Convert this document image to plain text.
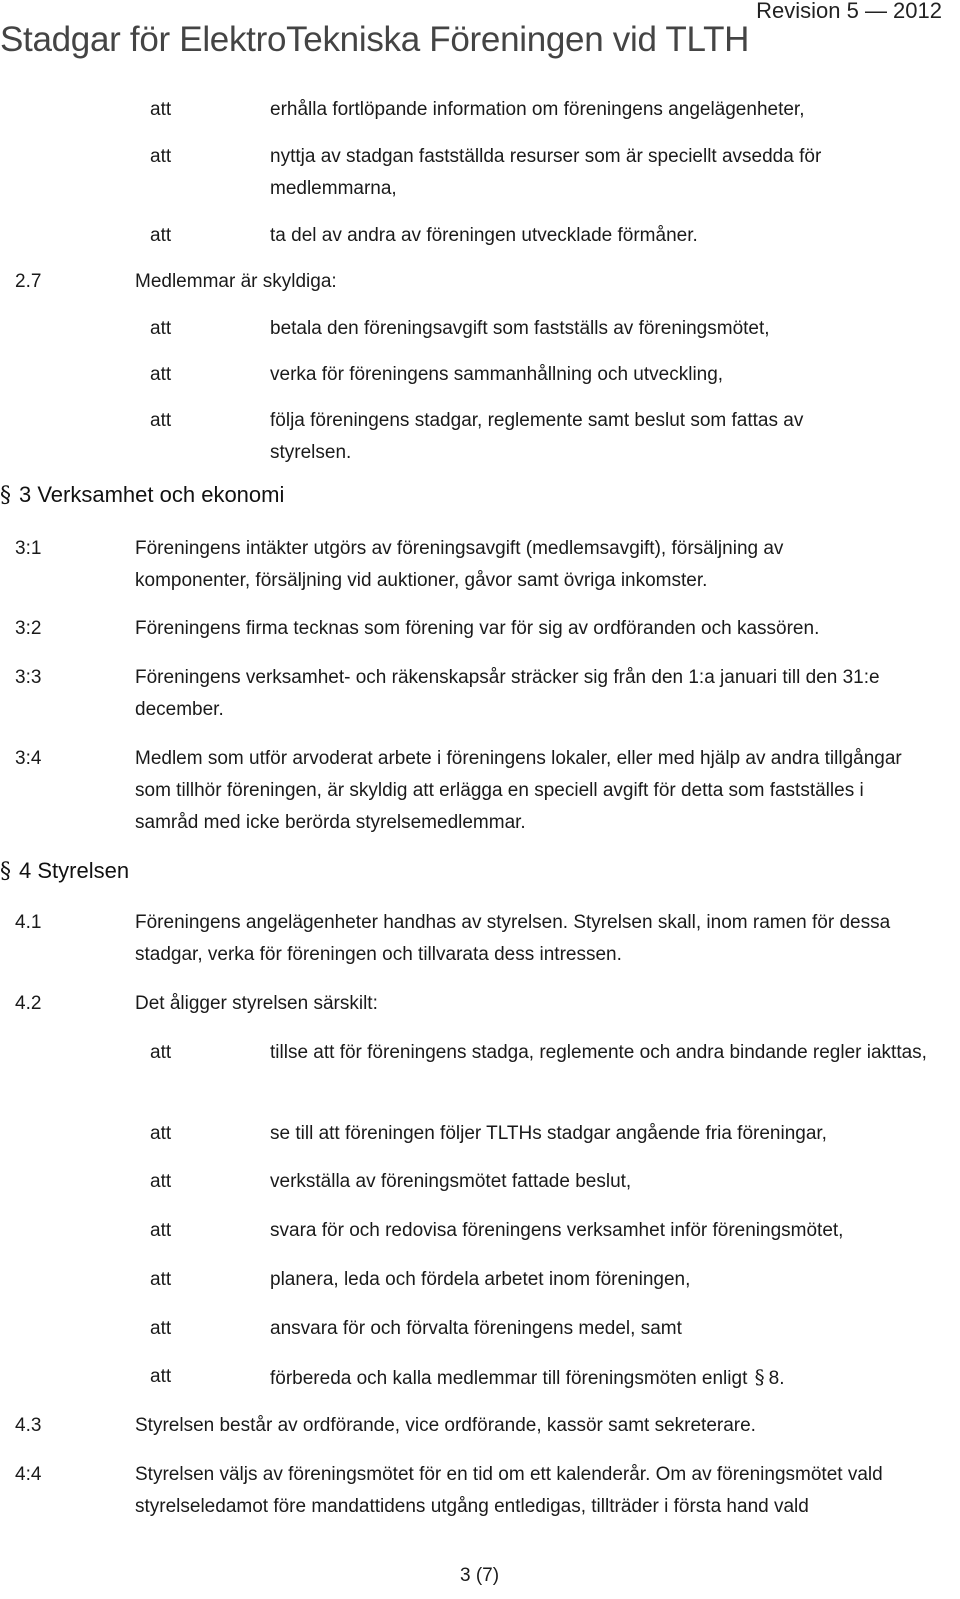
Stadgar för ElektroTekniska Föreningen vid TLTH
Revision 5 — 2012
att	erhålla fortlöpande information om föreningens angelägenheter,
att	nyttja av stadgan fastställda resurser som är speciellt avsedda för medlemmarna,
att	ta del av andra av föreningen utvecklade förmåner.
2.7	Medlemmar är skyldiga:
att	betala den föreningsavgift som fastställs av föreningsmötet,
att	verka för föreningens sammanhållning och utveckling,
att	följa föreningens stadgar, reglemente samt beslut som fattas av styrelsen.
§ 3 Verksamhet och ekonomi
3:1	Föreningens intäkter utgörs av föreningsavgift (medlemsavgift), försäljning av komponenter, försäljning vid auktioner, gåvor samt övriga inkomster.
3:2	Föreningens firma tecknas som förening var för sig av ordföranden och kassören.
3:3	Föreningens verksamhet- och räkenskapsår sträcker sig från den 1:a januari till den 31:e december.
3:4	Medlem som utför arvoderat arbete i föreningens lokaler, eller med hjälp av andra tillgångar som tillhör föreningen, är skyldig att erlägga en speciell avgift för detta som fastställes i samråd med icke berörda styrelsemedlemmar.
§ 4 Styrelsen
4.1	Föreningens angelägenheter handhas av styrelsen. Styrelsen skall, inom ramen för dessa stadgar, verka för föreningen och tillvarata dess intressen.
4.2	Det åligger styrelsen särskilt:
att	tillse att för föreningens stadga, reglemente och andra bindande regler iakttas,
att	se till att föreningen följer TLTHs stadgar angående fria föreningar,
att	verkställa av föreningsmötet fattade beslut,
att	svara för och redovisa föreningens verksamhet inför föreningsmötet,
att	planera, leda och fördela arbetet inom föreningen,
att	ansvara för och förvalta föreningens medel, samt
att	förbereda och kalla medlemmar till föreningsmöten enligt § 8.
4.3	Styrelsen består av ordförande, vice ordförande, kassör samt sekreterare.
4:4	Styrelsen väljs av föreningsmötet för en tid om ett kalenderår. Om av föreningsmötet vald styrelseledamot före mandattidens utgång entledigas, tillträder i första hand vald
3 (7)
